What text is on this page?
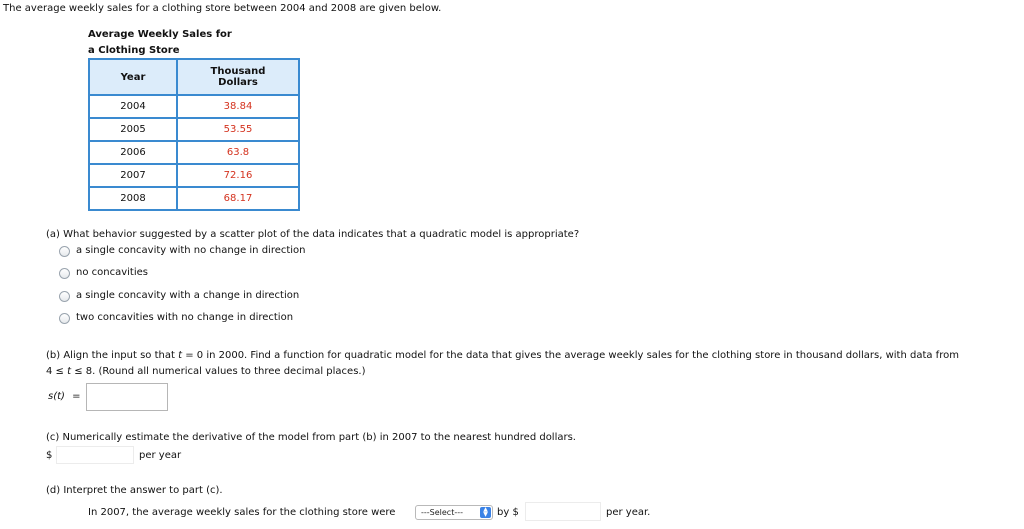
The average weekly sales for a clothing store between 2004 and 2008 are given below.
Average Weekly Sales for
a Clothing Store
Year	Thousand
Dollars

2004	38.84
2005	53.55
2006	63.8
2007	72.16
2008	68.17
(a) What behavior suggested by a scatter plot of the data indicates that a quadratic model is appropriate?
a single concavity with no change in direction
no concavities
a single concavity with a change in direction
two concavities with no change in direction
(b) Align the input so that t = 0 in 2000. Find a function for quadratic model for the data that gives the average weekly sales for the clothing store in thousand dollars, with data from
4 ≤ t ≤ 8. (Round all numerical values to three decimal places.)
s(t) =
(c) Numerically estimate the derivative of the model from part (b) in 2007 to the nearest hundred dollars.
$	per year
(d) Interpret the answer to part (c).
In 2007, the average weekly sales for the clothing store were	---Select---	▲
▼ by $	per year.
